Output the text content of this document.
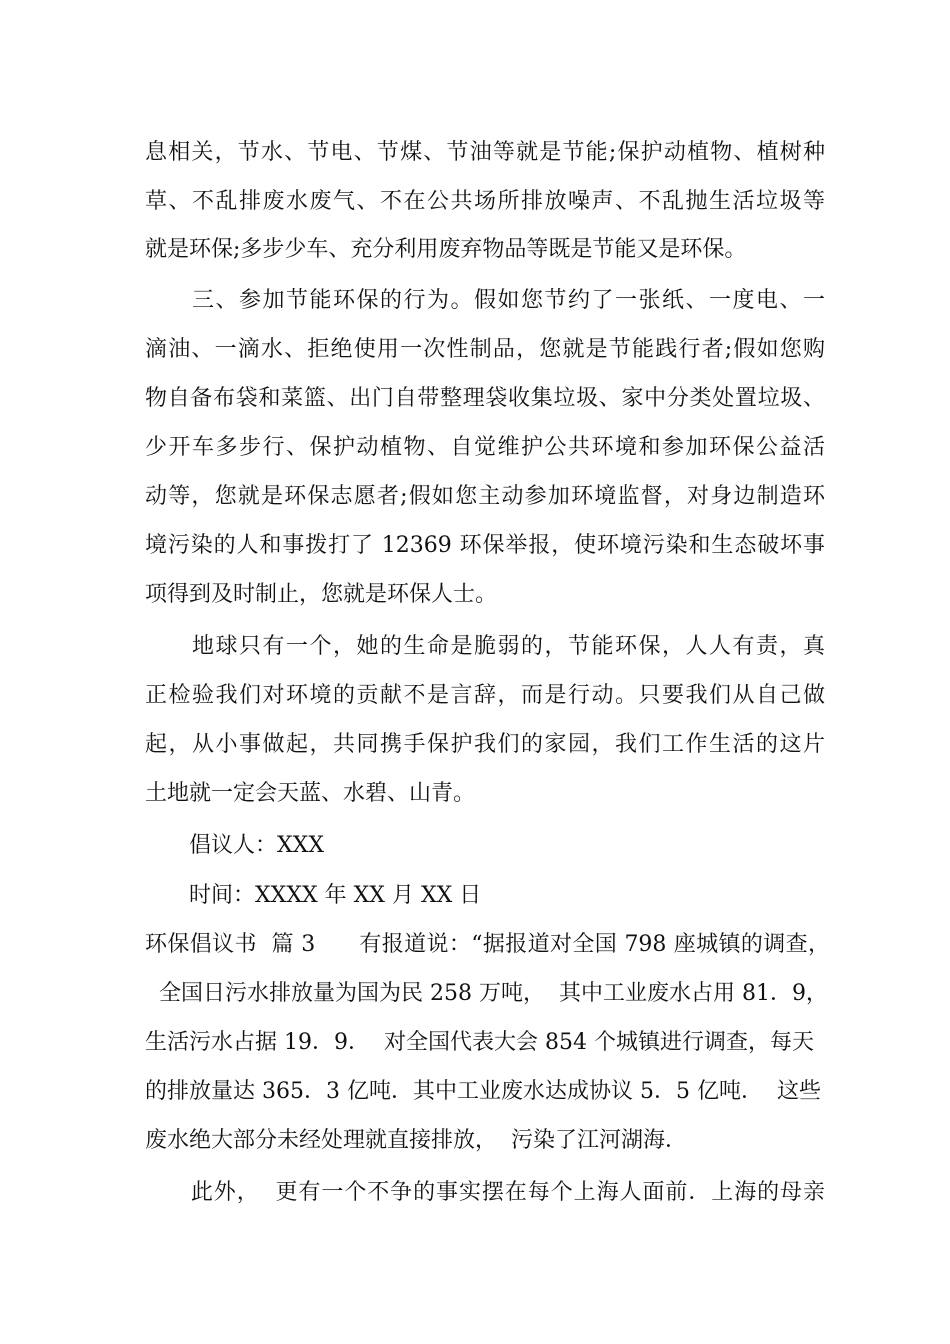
息相关，节水、节电、节煤、节油等就是节能;保护动植物、植树种
草、不乱排废水废气、不在公共场所排放噪声、不乱抛生活垃圾等
就是环保;多步少车、充分利用废弃物品等既是节能又是环保。
　　三、参加节能环保的行为。假如您节约了一张纸、一度电、一
滴油、一滴水、拒绝使用一次性制品，您就是节能践行者;假如您购
物自备布袋和菜篮、出门自带整理袋收集垃圾、家中分类处置垃圾、
少开车多步行、保护动植物、自觉维护公共环境和参加环保公益活
动等，您就是环保志愿者;假如您主动参加环境监督，对身边制造环
境污染的人和事拨打了 12369 环保举报，使环境污染和生态破坏事
项得到及时制止，您就是环保人士。
　　地球只有一个，她的生命是脆弱的，节能环保，人人有责，真
正检验我们对环境的贡献不是言辞，而是行动。只要我们从自己做
起，从小事做起，共同携手保护我们的家园，我们工作生活的这片
土地就一定会天蓝、水碧、山青。
　　倡议人：XXX
　　时间：XXXX 年 XX 月 XX 日
环保倡议书  篇 3      有报道说：“据报道对全国 798 座城镇的调查，
全国日污水排放量为国为民 258 万吨，  其中工业废水占用 81．9，
生活污水占据 19．9．  对全国代表大会 854 个城镇进行调查，每天
的排放量达 365．3 亿吨．其中工业废水达成协议 5．5 亿吨．  这些
废水绝大部分未经处理就直接排放，  污染了江河湖海．
　　此外，  更有一个不争的事实摆在每个上海人面前．上海的母亲
